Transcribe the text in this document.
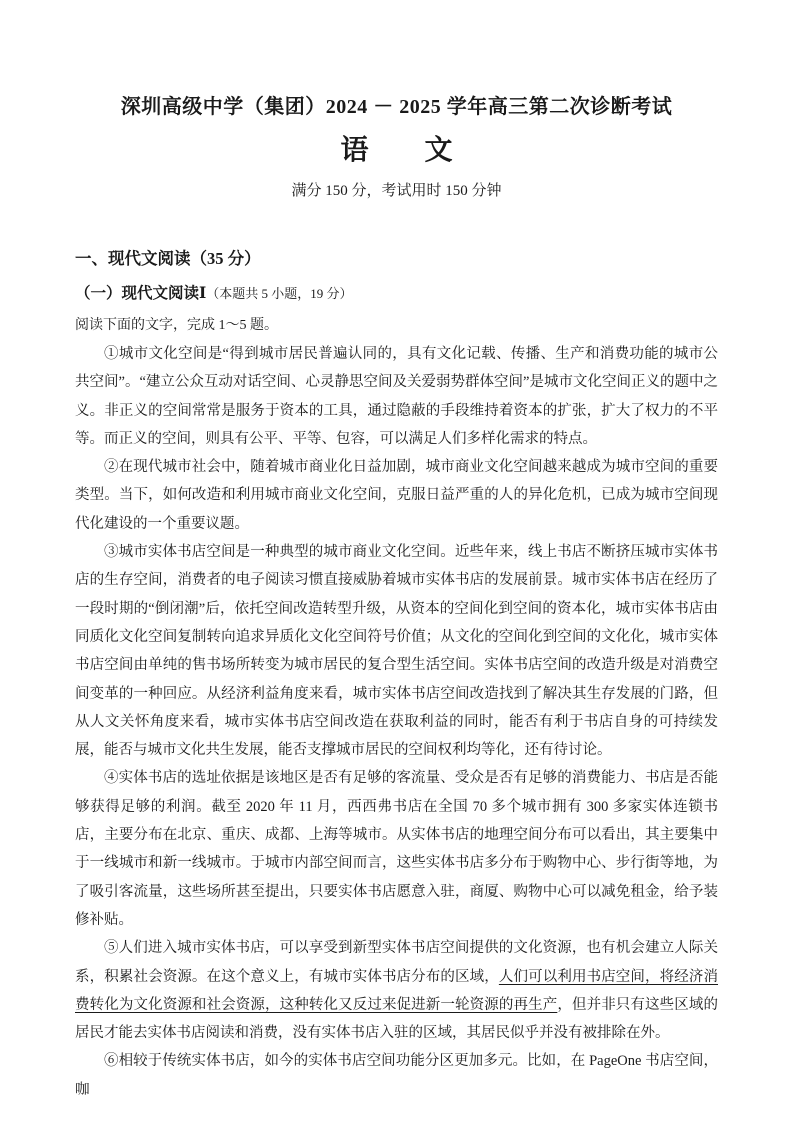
深圳高级中学（集团）2024 － 2025 学年高三第二次诊断考试
语　　文

满分 150 分，考试用时 150 分钟

一、现代文阅读（35 分）

（一）现代文阅读Ⅰ（本题共 5 小题，19 分）

阅读下面的文字，完成 1～5 题。

①城市文化空间是“得到城市居民普遍认同的，具有文化记载、传播、生产和消费功能的城市公共空间”。“建立公众互动对话空间、心灵静思空间及关爱弱势群体空间”是城市文化空间正义的题中之义。非正义的空间常常是服务于资本的工具，通过隐蔽的手段维持着资本的扩张，扩大了权力的不平等。而正义的空间，则具有公平、平等、包容，可以满足人们多样化需求的特点。

②在现代城市社会中，随着城市商业化日益加剧，城市商业文化空间越来越成为城市空间的重要类型。当下，如何改造和利用城市商业文化空间，克服日益严重的人的异化危机，已成为城市空间现代化建设的一个重要议题。

③城市实体书店空间是一种典型的城市商业文化空间。近些年来，线上书店不断挤压城市实体书店的生存空间，消费者的电子阅读习惯直接威胁着城市实体书店的发展前景。城市实体书店在经历了一段时期的“倒闭潮”后，依托空间改造转型升级，从资本的空间化到空间的资本化，城市实体书店由同质化文化空间复制转向追求异质化文化空间符号价值；从文化的空间化到空间的文化化，城市实体书店空间由单纯的售书场所转变为城市居民的复合型生活空间。实体书店空间的改造升级是对消费空间变革的一种回应。从经济利益角度来看，城市实体书店空间改造找到了解决其生存发展的门路，但从人文关怀角度来看，城市实体书店空间改造在获取利益的同时，能否有利于书店自身的可持续发展，能否与城市文化共生发展，能否支撑城市居民的空间权利均等化，还有待讨论。

④实体书店的选址依据是该地区是否有足够的客流量、受众是否有足够的消费能力、书店是否能够获得足够的利润。截至 2020 年 11 月，西西弗书店在全国 70 多个城市拥有 300 多家实体连锁书店，主要分布在北京、重庆、成都、上海等城市。从实体书店的地理空间分布可以看出，其主要集中于一线城市和新一线城市。于城市内部空间而言，这些实体书店多分布于购物中心、步行街等地，为了吸引客流量，这些场所甚至提出，只要实体书店愿意入驻，商厦、购物中心可以减免租金，给予装修补贴。

⑤人们进入城市实体书店，可以享受到新型实体书店空间提供的文化资源，也有机会建立人际关系，积累社会资源。在这个意义上，有城市实体书店分布的区域，人们可以利用书店空间，将经济消费转化为文化资源和社会资源，这种转化又反过来促进新一轮资源的再生产，但并非只有这些区域的居民才能去实体书店阅读和消费，没有实体书店入驻的区域，其居民似乎并没有被排除在外。

⑥相较于传统实体书店，如今的实体书店空间功能分区更加多元。比如，在 PageOne 书店空间，咖
